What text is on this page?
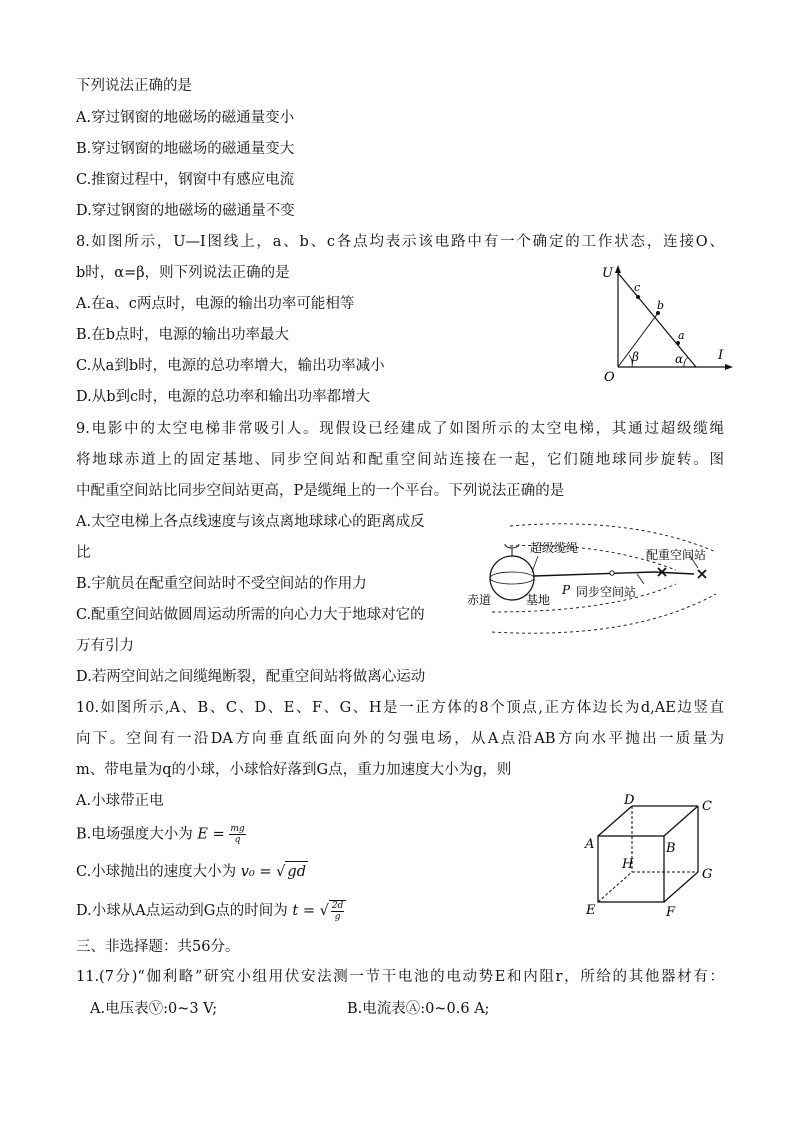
下列说法正确的是
A.穿过钢窗的地磁场的磁通量变小
B.穿过钢窗的地磁场的磁通量变大
C.推窗过程中，钢窗中有感应电流
D.穿过钢窗的地磁场的磁通量不变
8.如图所示，U—I图线上，a、b、c各点均表示该电路中有一个确定的工作状态，连接O、
b时，α=β，则下列说法正确的是
A.在a、c两点时，电源的输出功率可能相等
B.在b点时，电源的输出功率最大
C.从a到b时，电源的总功率增大，输出功率减小
D.从b到c时，电源的总功率和输出功率都增大
9.电影中的太空电梯非常吸引人。现假设已经建成了如图所示的太空电梯，其通过超级缆绳
将地球赤道上的固定基地、同步空间站和配重空间站连接在一起，它们随地球同步旋转。图
中配重空间站比同步空间站更高，P是缆绳上的一个平台。下列说法正确的是
A.太空电梯上各点线速度与该点离地球球心的距离成反
比
B.宇航员在配重空间站时不受空间站的作用力
C.配重空间站做圆周运动所需的向心力大于地球对它的
万有引力
D.若两空间站之间缆绳断裂，配重空间站将做离心运动
10.如图所示,A、B、C、D、E、F、G、H是一正方体的8个顶点,正方体边长为d,AE边竖直
向下。空间有一沿DA方向垂直纸面向外的匀强电场，从A点沿AB方向水平抛出一质量为
m、带电量为q的小球，小球恰好落到G点，重力加速度大小为g，则
A.小球带正电
B.电场强度大小为 $E = \frac{mg}{q}$
C.小球抛出的速度大小为 v₀ = √ gd
D.小球从A点运动到G点的时间为 t = √ $\frac{2d}{g}$
三、非选择题：共56分。
11.(7分)“伽利略”研究小组用伏安法测一节干电池的电动势E和内阻r，所给的其他器材有：
A.电压表Ⓥ:0~3 V;	B.电流表Ⓐ:0~0.6 A;
U
I
O
c
b
a
β	α
超级缆绳	配重空间站
赤道	基地
P 同步空间站
D	C
A	B
H
G
E	F
